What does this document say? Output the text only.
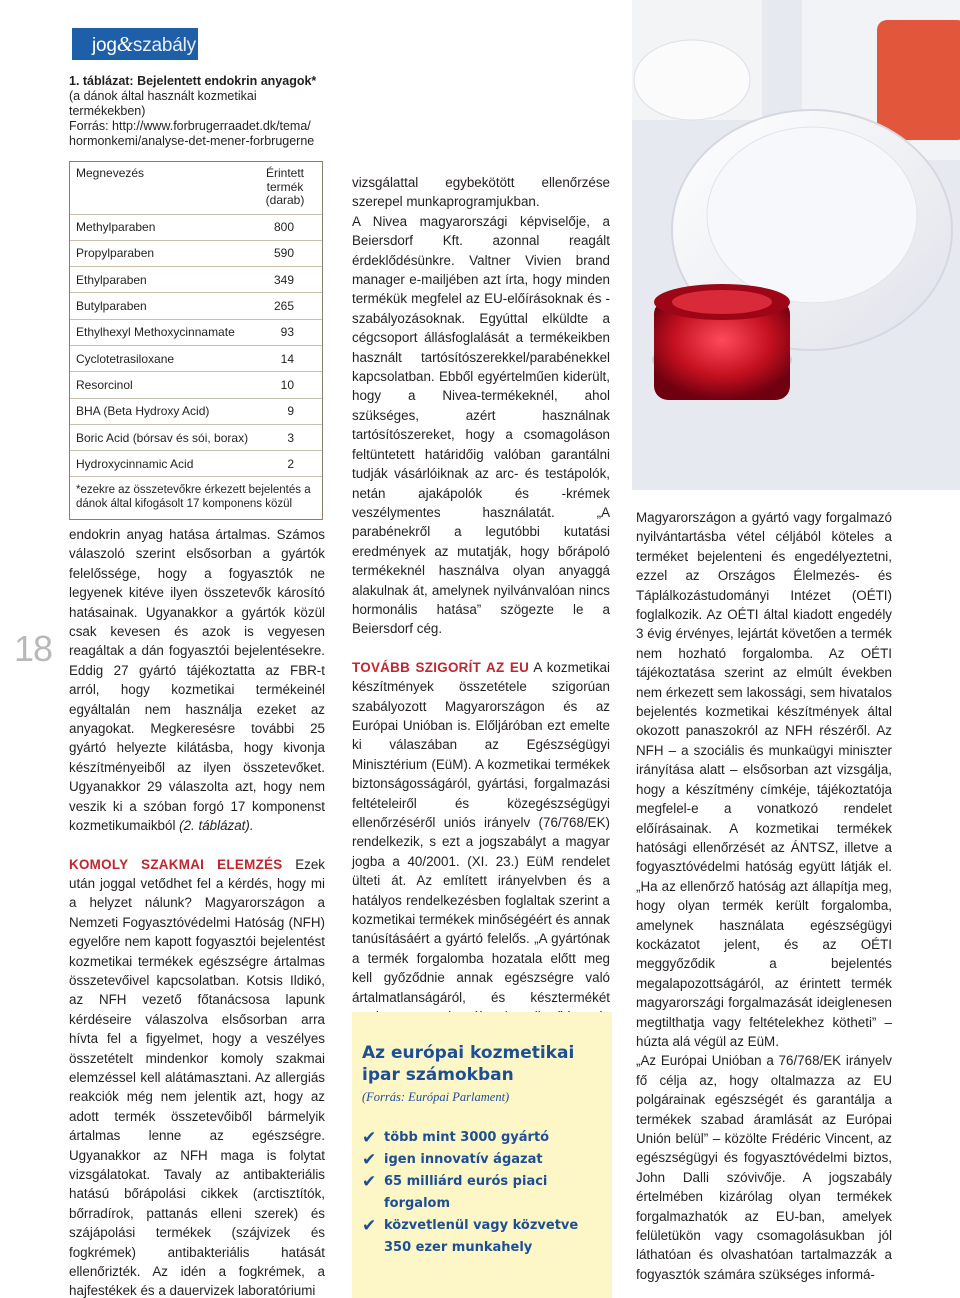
jog&szabály
1. táblázat: Bejelentett endokrin anyagok*
(a dánok által használt kozmetikai termékekben)
Forrás: http://www.forbrugerraadet.dk/tema/
hormonkemi/analyse-det-mener-forbrugerne
Megnevezés	Érintett
termék
(darab)
Methylparaben	800
Propylparaben	590
Ethylparaben	349
Butylparaben	265
Ethylhexyl Methoxycinnamate	93
Cyclotetrasiloxane	14
Resorcinol	10
BHA (Beta Hydroxy Acid)	9
Boric Acid (bórsav és sói, borax)	3
Hydroxycinnamic Acid	2
*ezekre az összetevőkre érkezett bejelentés a dánok által kifogásolt 17 komponens közül
18

endokrin anyag hatása ártalmas. Számos válaszoló szerint elsősorban a gyártók felelőssége, hogy a fogyasztók ne legyenek kitéve ilyen összetevők károsító hatásainak. Ugyanakkor a gyártók közül csak kevesen és azok is vegyesen reagáltak a dán fogyasztói bejelentésekre. Eddig 27 gyártó tájékoztatta az FBR-t arról, hogy kozmetikai termékeinél egyáltalán nem használja ezeket az anyagokat. Megkeresésre további 25 gyártó helyezte kilátásba, hogy kivonja készítményeiből az ilyen összetevőket. Ugyanakkor 29 válaszolta azt, hogy nem veszik ki a szóban forgó 17 komponenst kozmetikumaikból (2. táblázat).

KOMOLY SZAKMAI ELEMZÉS Ezek után joggal vetődhet fel a kérdés, hogy mi a helyzet nálunk? Magyarországon a Nemzeti Fogyasztóvédelmi Hatóság (NFH) egyelőre nem kapott fogyasztói bejelentést kozmetikai termékek egészségre ártalmas összetevőivel kapcsolatban. Kotsis Ildikó, az NFH vezető főtanácsosa lapunk kérdéseire válaszolva elsősorban arra hívta fel a figyelmet, hogy a veszélyes összetételt mindenkor komoly szakmai elemzéssel kell alátámasztani. Az allergiás reakciók még nem jelentik azt, hogy az adott termék összetevőiből bármelyik ártalmas lenne az egészségre. Ugyanakkor az NFH maga is folytat vizsgálatokat. Tavaly az antibakteriális hatású bőrápolási cikkek (arctisztítók, bőrradírok, pattanás elleni szerek) és szájápolási termékek (szájvizek és fogkrémek) antibakteriális hatását ellenőrizték. Az idén a fogkrémek, a hajfestékek és a dauervizek laboratóriumi

vizsgálattal egybekötött ellenőrzése szerepel munkaprogramjukban.

A Nivea magyarországi képviselője, a Beiersdorf Kft. azonnal reagált érdeklődésünkre. Valtner Vivien brand manager e-mailjében azt írta, hogy minden termékük megfelel az EU-előírásoknak és -szabályozásoknak. Egyúttal elküldte a cégcsoport állásfoglalását a termékeikben használt tartósítószerekkel/parabénekkel kapcsolatban. Ebből egyértelműen kiderült, hogy a Nivea-termékeknél, ahol szükséges, azért használnak tartósítószereket, hogy a csomagoláson feltüntetett határidőig valóban garantálni tudják vásárlóiknak az arc- és testápolók, netán ajakápolók és -krémek veszélymentes használatát. „A parabénekről a legutóbbi kutatási eredmények az mutatják, hogy bőrápoló termékeknél használva olyan anyaggá alakulnak át, amelynek nyilvánvalóan nincs hormonális hatása” szögezte le a Beiersdorf cég.

TOVÁBB SZIGORÍT AZ EU A kozmetikai készítmények összetétele szigorúan szabályozott Magyarországon és az Európai Unióban is. Előljáróban ezt emelte ki válaszában az Egészségügyi Minisztérium (EüM). A kozmetikai termékek biztonságosságáról, gyártási, forgalmazási feltételeiről és közegészségügyi ellenőrzéséről uniós irányelv (76/768/EK) rendelkezik, s ezt a jogszabályt a magyar jogba a 40/2001. (XI. 23.) EüM rendelet ülteti át. Az említett irányelvben és a hatályos rendelkezésben foglaltak szerint a kozmetikai termékek minőségéért és annak tanúsításáért a gyártó felelős. „A gyártónak a termék forgalomba hozatala előtt meg kell győződnie annak egészségre való ártalmatlanságáról, és késztermékét

Az európai kozmetikai ipar számokban
(Forrás: Európai Parlament)
✔ több mint 3000 gyártó
✔ igen innovatív ágazat
✔ 65 milliárd eurós piaci forgalom
✔ közvetlenül vagy közvetve 350 ezer munkahely

Magyarországon a gyártó vagy forgalmazó nyilvántartásba vétel céljából köteles a terméket bejelenteni és engedélyeztetni, ezzel az Országos Élelmezés- és Táplálkozástudományi Intézet (OÉTI) foglalkozik. Az OÉTI által kiadott engedély 3 évig érvényes, lejártát követően a termék nem hozható forgalomba. Az OÉTI tájékoztatása szerint az elmúlt években nem érkezett sem lakossági, sem hivatalos bejelentés kozmetikai készítmények által okozott panaszokról az NFH részéről. Az NFH – a szociális és munkaügyi miniszter irányítása alatt – elsősorban azt vizsgálja, hogy a készítmény címkéje, tájékoztatója megfelel-e a vonatkozó rendelet előírásainak. A kozmetikai termékek hatósági ellenőrzését az ÁNTSZ, illetve a fogyasztóvédelmi hatóság együtt látják el. „Ha az ellenőrző hatóság azt állapítja meg, hogy olyan termék került forgalomba, amelynek használata egészségügyi kockázatot jelent, és az OÉTI meggyőződik a bejelentés megalapozottságáról, az érintett termék magyarországi forgalmazását ideiglenesen megtilthatja vagy feltételekhez kötheti” – húzta alá végül az EüM.

„Az Európai Unióban a 76/768/EK irányelv fő célja az, hogy oltalmazza az EU polgárainak egészségét és garantálja a termékek szabad áramlását az Európai Unión belül” – közölte Frédéric Vincent, az egészségügyi és fogyasztóvédelmi biztos, John Dalli szóvivője. A jogszabály értelmében kizárólag olyan termékek forgalmazhatók az EU-ban, amelyek felületükön vagy csomagolásukban jól láthatóan és olvashatóan tartalmazzák a fogyasztók számára szükséges informá-
